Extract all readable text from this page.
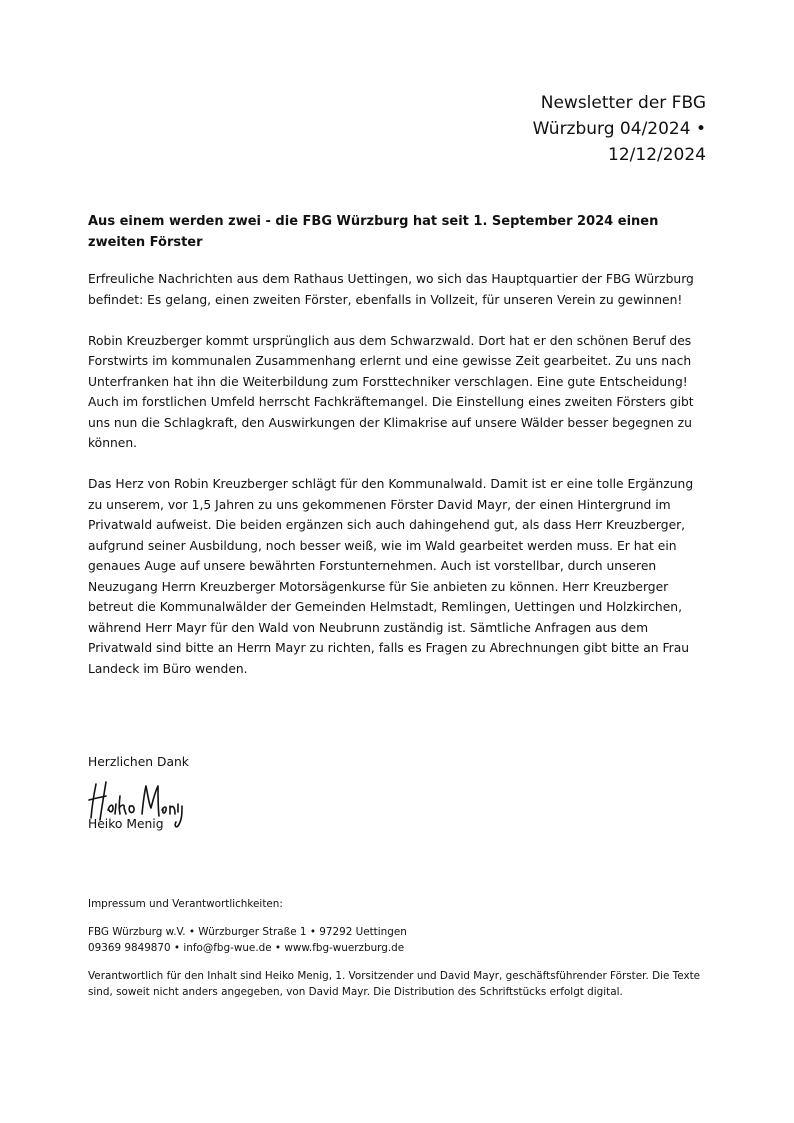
Newsletter der FBG
Würzburg 04/2024 •
12/12/2024
Aus einem werden zwei - die FBG Würzburg hat seit 1. September 2024 einen zweiten Förster

Erfreuliche Nachrichten aus dem Rathaus Uettingen, wo sich das Hauptquartier der FBG Würzburg befindet: Es gelang, einen zweiten Förster, ebenfalls in Vollzeit, für unseren Verein zu gewinnen!

Robin Kreuzberger kommt ursprünglich aus dem Schwarzwald. Dort hat er den schönen Beruf des Forstwirts im kommunalen Zusammenhang erlernt und eine gewisse Zeit gearbeitet. Zu uns nach Unterfranken hat ihn die Weiterbildung zum Forsttechniker verschlagen. Eine gute Entscheidung! Auch im forstlichen Umfeld herrscht Fachkräftemangel. Die Einstellung eines zweiten Försters gibt uns nun die Schlagkraft, den Auswirkungen der Klimakrise auf unsere Wälder besser begegnen zu können.

Das Herz von Robin Kreuzberger schlägt für den Kommunalwald. Damit ist er eine tolle Ergänzung zu unserem, vor 1,5 Jahren zu uns gekommenen Förster David Mayr, der einen Hintergrund im Privatwald aufweist. Die beiden ergänzen sich auch dahingehend gut, als dass Herr Kreuzberger, aufgrund seiner Ausbildung, noch besser weiß, wie im Wald gearbeitet werden muss. Er hat ein genaues Auge auf unsere bewährten Forstunternehmen. Auch ist vorstellbar, durch unseren Neuzugang Herrn Kreuzberger Motorsägenkurse für Sie anbieten zu können. Herr Kreuzberger betreut die Kommunalwälder der Gemeinden Helmstadt, Remlingen, Uettingen und Holzkirchen, während Herr Mayr für den Wald von Neubrunn zuständig ist. Sämtliche Anfragen aus dem Privatwald sind bitte an Herrn Mayr zu richten, falls es Fragen zu Abrechnungen gibt bitte an Frau Landeck im Büro wenden.

Herzlichen Dank
Heiko Menig
Impressum und Verantwortlichkeiten:
FBG Würzburg w.V. • Würzburger Straße 1 • 97292 Uettingen
09369 9849870 • info@fbg-wue.de • www.fbg-wuerzburg.de
Verantwortlich für den Inhalt sind Heiko Menig, 1. Vorsitzender und David Mayr, geschäftsführender Förster. Die Texte sind, soweit nicht anders angegeben, von David Mayr. Die Distribution des Schriftstücks erfolgt digital.
